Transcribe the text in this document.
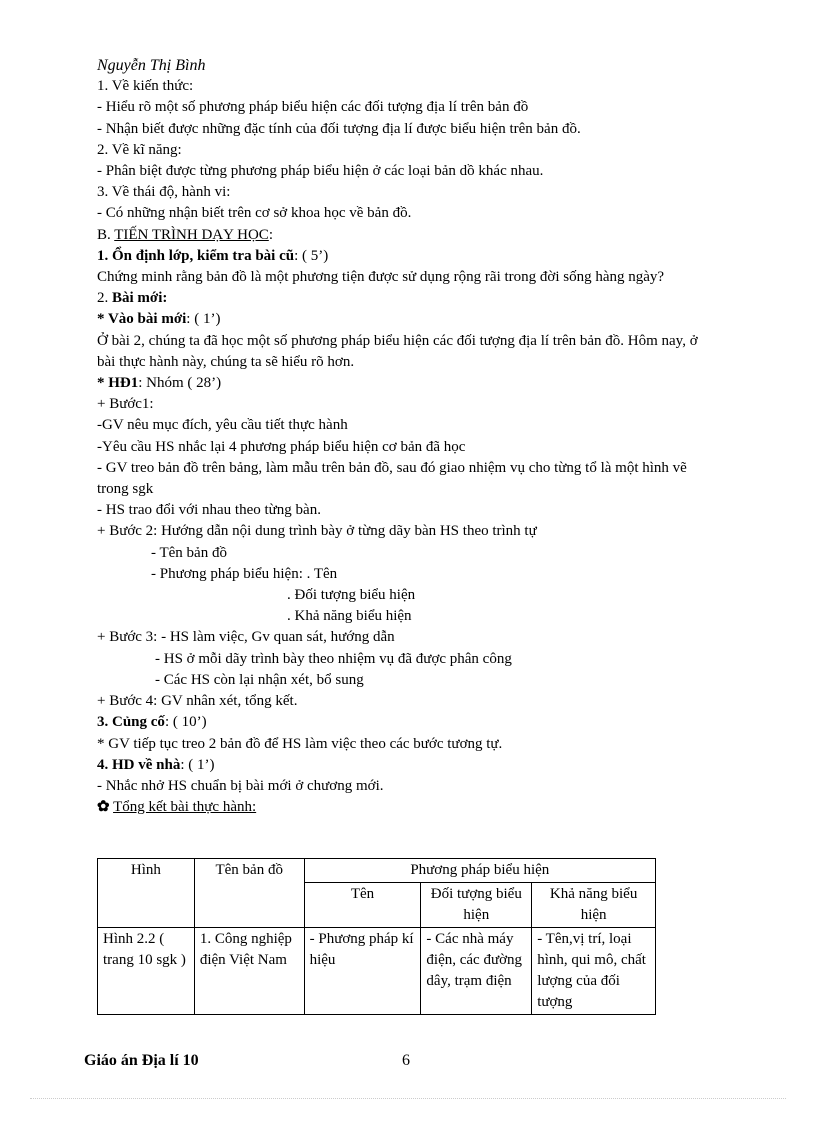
Nguyễn Thị Bình
1. Về kiến thức:
- Hiểu rõ một số phương pháp biểu hiện các đối tượng địa lí trên bản đồ
- Nhận biết được những đặc tính của đối tượng địa lí được biểu hiện trên bản đồ.
2. Về kĩ năng:
- Phân biệt được từng phương pháp biểu hiện ở các loại bản dồ khác nhau.
3. Về thái độ, hành vi:
- Có những nhận biết trên cơ sở khoa học về bản đồ.
B. TIẾN TRÌNH DẠY HỌC:
1. Ổn định lớp, kiểm tra bài cũ: ( 5’)
Chứng minh rằng bản đồ là một phương tiện được sử dụng rộng rãi trong đời sống hàng ngày?
2. Bài mới:
* Vào bài mới: ( 1’)
Ở bài 2, chúng ta đã học một số phương pháp biểu hiện các đối tượng địa lí trên bản đồ. Hôm nay, ở bài thực hành này, chúng ta sẽ hiểu rõ hơn.
* HĐ1: Nhóm ( 28’)
+ Bước1:
-GV nêu mục đích, yêu cầu tiết thực hành
-Yêu cầu HS nhắc lại 4 phương pháp biểu hiện cơ bản đã học
- GV treo bản đồ trên bảng, làm mẫu trên bản đồ, sau đó giao nhiệm vụ cho từng tổ là một hình vẽ trong sgk
- HS trao đổi với nhau theo từng bàn.
+ Bước 2: Hướng dẫn nội dung trình bày ở từng dãy bàn HS theo trình tự
- Tên bản đồ
- Phương pháp biểu hiện: . Tên
. Đối tượng biểu hiện
. Khả năng biểu hiện
+ Bước 3: - HS làm việc, Gv quan sát, hướng dẫn
- HS ở mỗi dãy trình bày theo nhiệm vụ đã được phân công
- Các HS còn lại nhận xét, bổ sung
+ Bước 4: GV nhân xét, tổng kết.
3. Củng cố: ( 10’)
* GV tiếp tục treo 2 bản đồ để HS làm việc theo các bước tương tự.
4. HD về nhà: ( 1’)
- Nhắc nhở HS chuẩn bị bài mới ở chương mới.
✿ Tổng kết bài thực hành:
Hình	Tên bản đồ	Phương pháp biểu hiện		
		Tên	Đối tượng biểu hiện	Khả năng biểu hiện
Hình 2.2 ( trang 10 sgk )	1. Công nghiệp điện Việt Nam	- Phương pháp kí hiệu	- Các nhà máy điện, các đường dây, trạm điện	- Tên,vị trí, loại hình, qui mô, chất lượng của đối tượng
Giáo án Địa lí 10	6
